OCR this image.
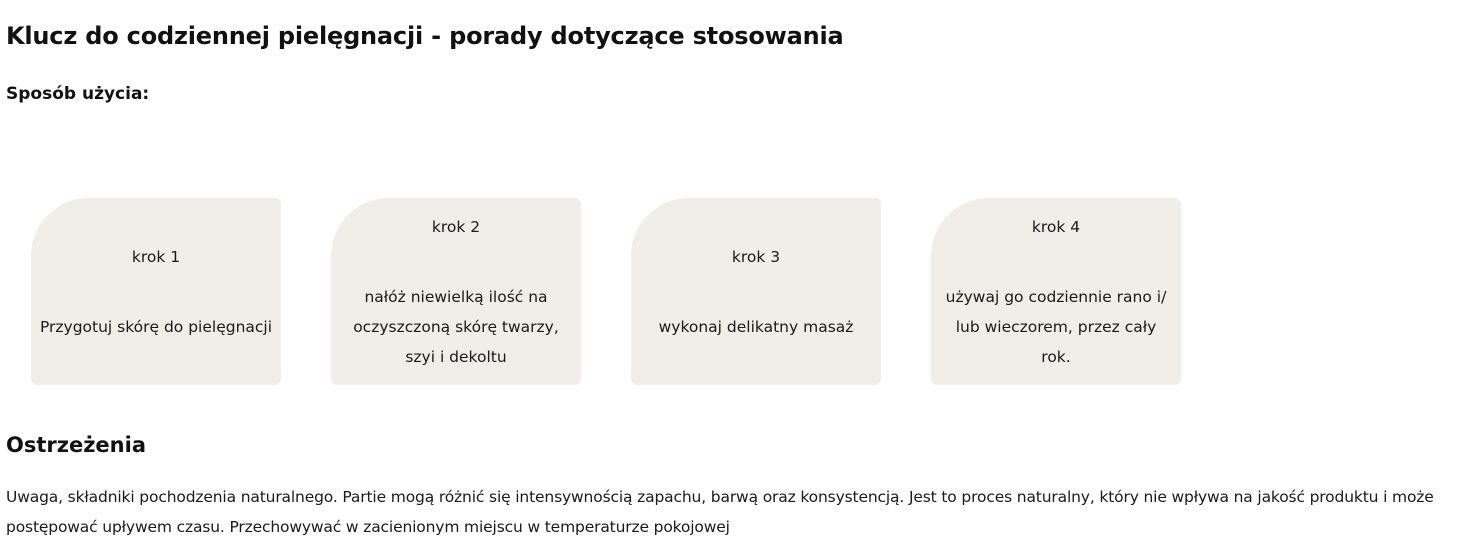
Klucz do codziennej pielęgnacji - porady dotyczące stosowania
Sposób użycia:
krok 1
Przygotuj skórę do pielęgnacji
krok 2
nałóż niewielką ilość na oczyszczoną skórę twarzy, szyi i dekoltu
krok 3
wykonaj delikatny masaż
krok 4
używaj go codziennie rano i/ lub wieczorem, przez cały rok.
Ostrzeżenia

Uwaga, składniki pochodzenia naturalnego. Partie mogą różnić się intensywnością zapachu, barwą oraz konsystencją. Jest to proces naturalny, który nie wpływa na jakość produktu i może postępować upływem czasu. Przechowywać w zacienionym miejscu w temperaturze pokojowej
